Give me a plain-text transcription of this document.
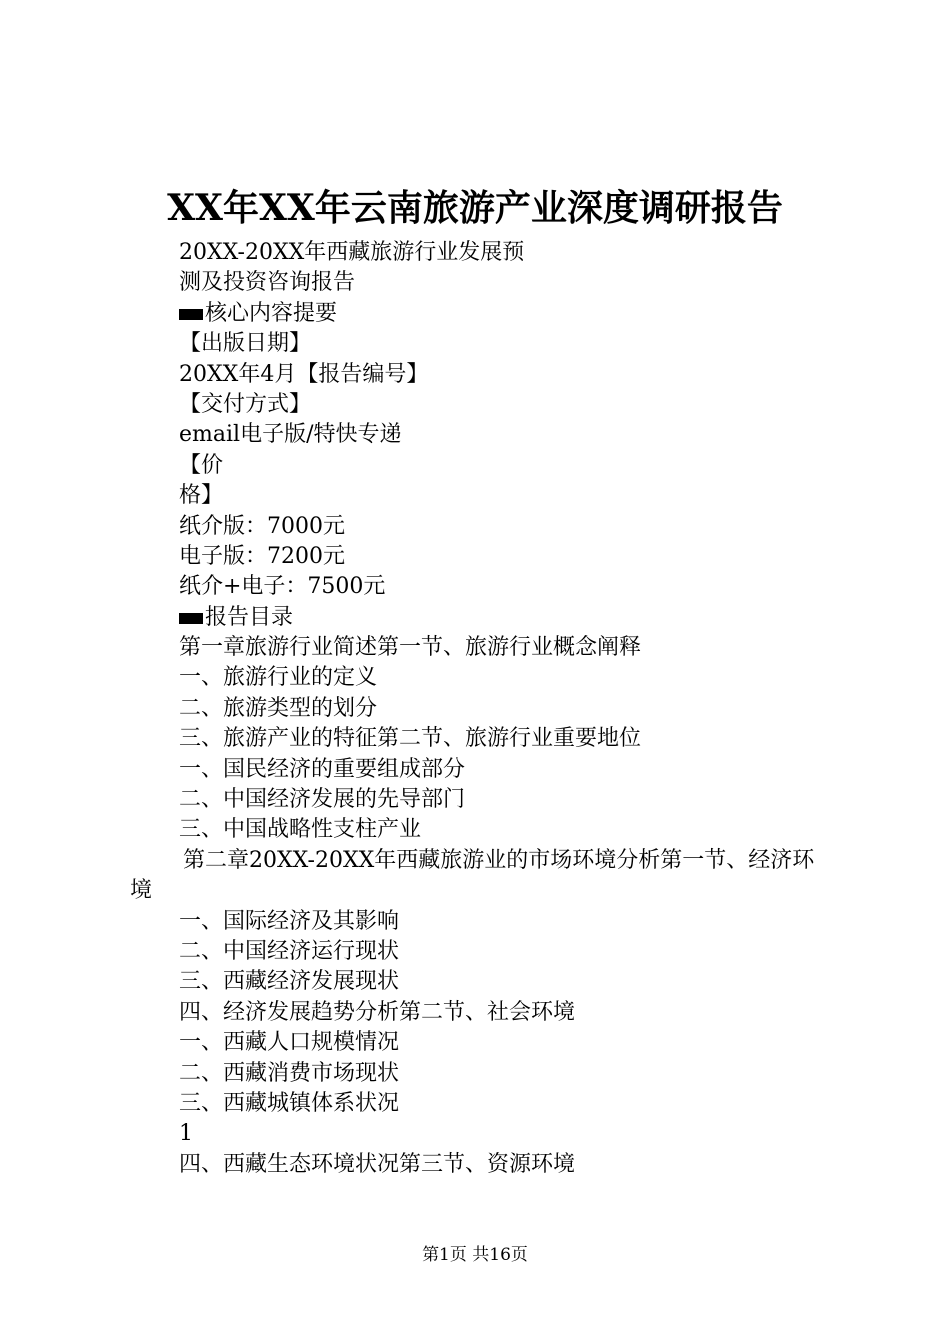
XX年XX年云南旅游产业深度调研报告
20XX-20XX年西藏旅游行业发展预
测及投资咨询报告
核心内容提要
【出版日期】
20XX年4月【报告编号】
【交付方式】
email电子版/特快专递
【价
格】
纸介版：7000元
电子版：7200元
纸介+电子：7500元
报告目录
第一章旅游行业简述第一节、旅游行业概念阐释
一、旅游行业的定义
二、旅游类型的划分
三、旅游产业的特征第二节、旅游行业重要地位
一、国民经济的重要组成部分
二、中国经济发展的先导部门
三、中国战略性支柱产业
第二章20XX-20XX年西藏旅游业的市场环境分析第一节、经济环境
一、国际经济及其影响
二、中国经济运行现状
三、西藏经济发展现状
四、经济发展趋势分析第二节、社会环境
一、西藏人口规模情况
二、西藏消费市场现状
三、西藏城镇体系状况
1
四、西藏生态环境状况第三节、资源环境
第1页 共16页
